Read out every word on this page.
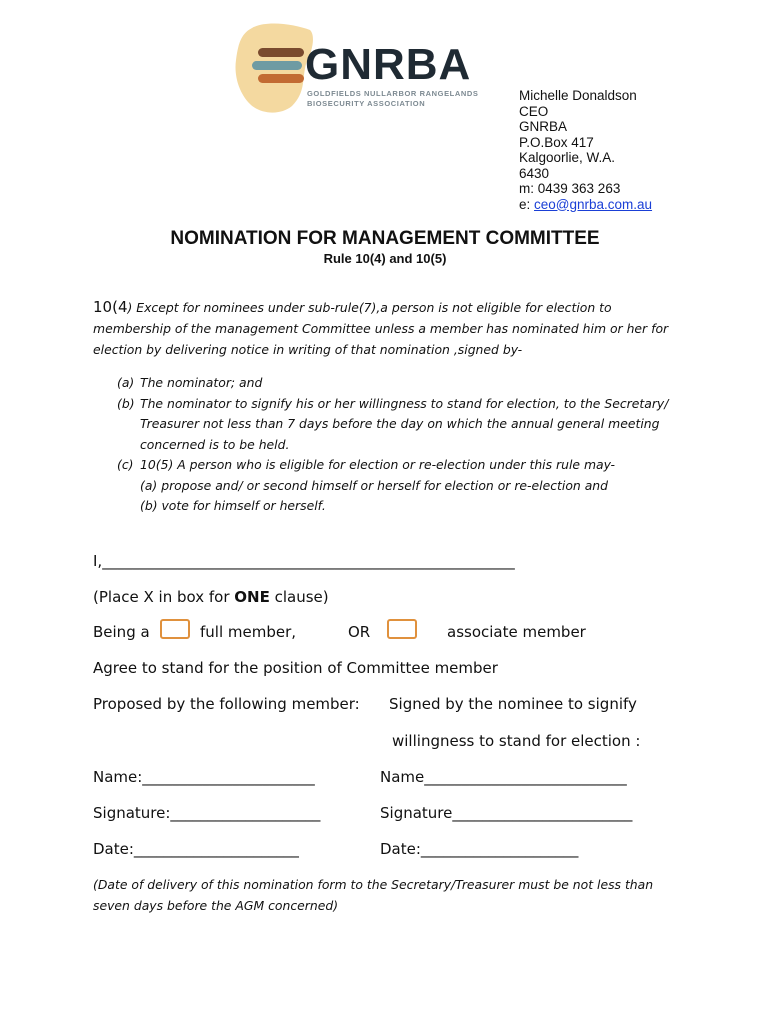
GNRBA
GOLDFIELDS NULLARBOR RANGELANDS
BIOSECURITY ASSOCIATION
Michelle Donaldson
CEO
GNRBA
P.O.Box 417
Kalgoorlie, W.A.
6430
m: 0439 363 263
e: ceo@gnrba.com.au
NOMINATION FOR MANAGEMENT COMMITTEE
Rule 10(4) and 10(5)
10(4) Except for nominees under sub-rule(7),a person is not eligible for election to membership of the management Committee unless a member has nominated him or her for election by delivering notice in writing of that nomination ,signed by-
(a) The nominator; and
(b) The nominator to signify his or her willingness to stand for election, to the Secretary/ Treasurer not less than 7 days before the day on which the annual general meeting concerned is to be held.
(c) 10(5) A person who is eligible for election or re-election under this rule may-
(a) propose and/ or second himself or herself for election or re-election and
(b) vote for himself or herself.
I,_______________________________________________________
(Place X in box for ONE clause)
Being a	full member,	OR	associate member
Agree to stand for the position of Committee member
Proposed by the following member: Signed by the nominee to signify
willingness to stand for election :
Name:_______________________	Name___________________________
Signature:____________________	Signature________________________
Date:______________________	Date:_____________________
(Date of delivery of this nomination form to the Secretary/Treasurer must be not less than seven days before the AGM concerned)
